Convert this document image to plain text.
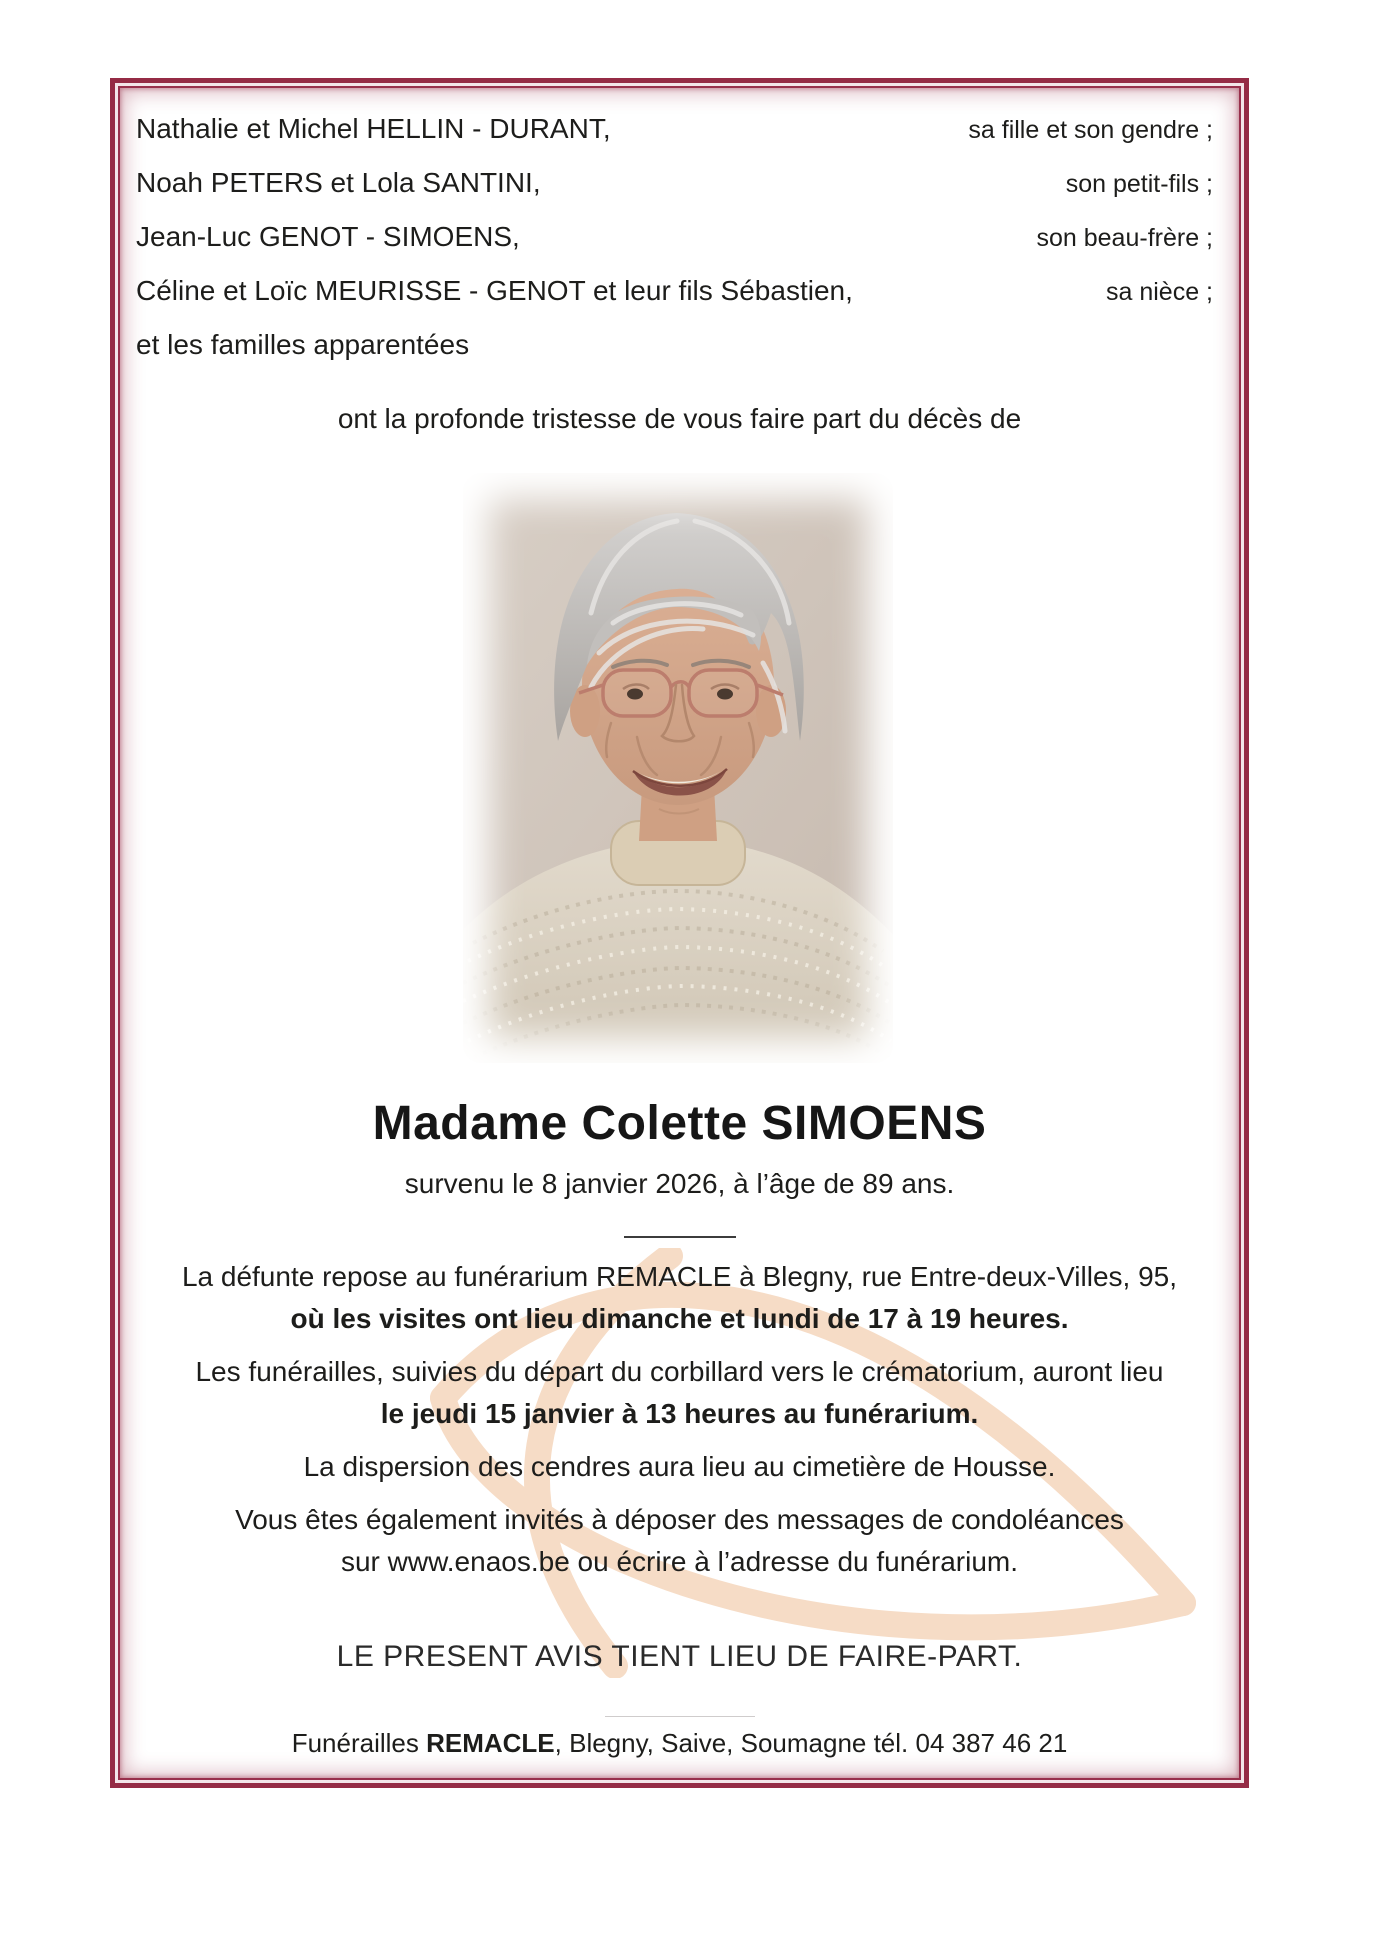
Nathalie et Michel HELLIN - DURANT,	sa fille et son gendre ;
Noah PETERS et Lola SANTINI,	son petit-fils ;
Jean-Luc GENOT - SIMOENS,	son beau-frère ;
Céline et Loïc MEURISSE - GENOT et leur fils Sébastien,	sa nièce ;
et les familles apparentées
ont la profonde tristesse de vous faire part du décès de
Madame Colette SIMOENS
survenu le 8 janvier 2026, à l’âge de 89 ans.

La défunte repose au funérarium REMACLE à Blegny, rue Entre-deux-Villes, 95,
où les visites ont lieu dimanche et lundi de 17 à 19 heures.

Les funérailles, suivies du départ du corbillard vers le crématorium, auront lieu
le jeudi 15 janvier à 13 heures au funérarium.

La dispersion des cendres aura lieu au cimetière de Housse.

Vous êtes également invités à déposer des messages de condoléances
sur www.enaos.be ou écrire à l’adresse du funérarium.

LE PRESENT AVIS TIENT LIEU DE FAIRE-PART.
Funérailles REMACLE, Blegny, Saive, Soumagne tél. 04 387 46 21
